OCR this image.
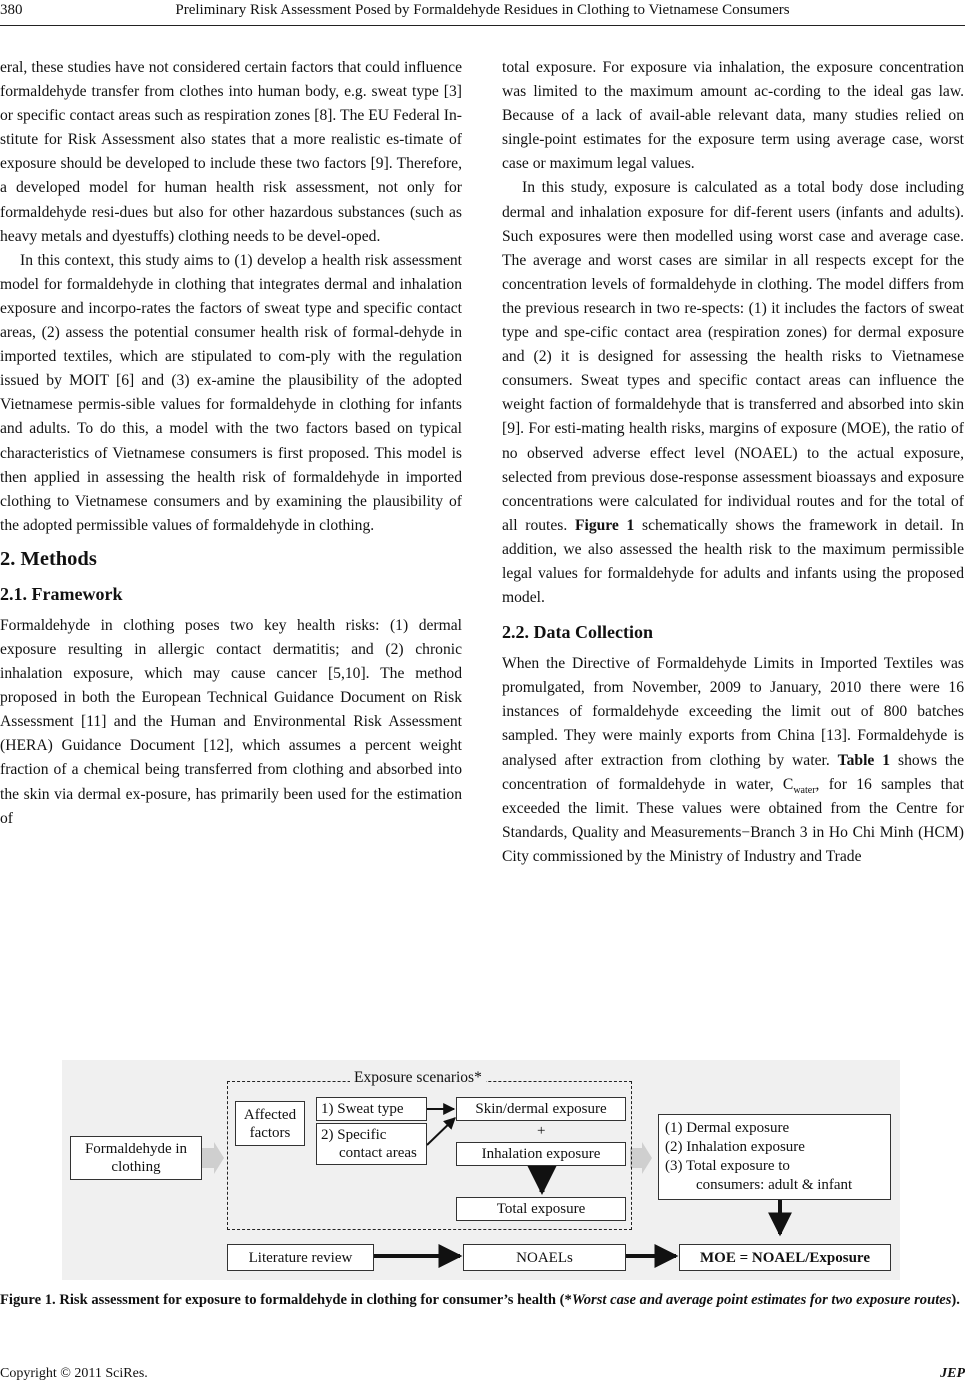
380	Preliminary Risk Assessment Posed by Formaldehyde Residues in Clothing to Vietnamese Consumers

eral, these studies have not considered certain factors that could influence formaldehyde transfer from clothes into human body, e.g. sweat type [3] or specific contact areas such as respiration zones [8]. The EU Federal In-stitute for Risk Assessment also states that a more realistic es-timate of exposure should be developed to include these two factors [9]. Therefore, a developed model for human health risk assessment, not only for formaldehyde resi-dues but also for other hazardous substances (such as heavy metals and dyestuffs) clothing needs to be devel-oped.

In this context, this study aims to (1) develop a health risk assessment model for formaldehyde in clothing that integrates dermal and inhalation exposure and incorpo-rates the factors of sweat type and specific contact areas, (2) assess the potential consumer health risk of formal-dehyde in imported textiles, which are stipulated to com-ply with the regulation issued by MOIT [6] and (3) ex-amine the plausibility of the adopted Vietnamese permis-sible values for formaldehyde in clothing for infants and adults. To do this, a model with the two factors based on typical characteristics of Vietnamese consumers is first proposed. This model is then applied in assessing the health risk of formaldehyde in imported clothing to Vietnamese consumers and by examining the plausibility of the adopted permissible values of formaldehyde in clothing.

2. Methods
2.1. Framework

Formaldehyde in clothing poses two key health risks: (1) dermal exposure resulting in allergic contact dermatitis; and (2) chronic inhalation exposure, which may cause cancer [5,10]. The method proposed in both the European Technical Guidance Document on Risk Assessment [11] and the Human and Environmental Risk Assessment (HERA) Guidance Document [12], which assumes a percent weight fraction of a chemical being transferred from clothing and absorbed into the skin via dermal ex-posure, has primarily been used for the estimation of

total exposure. For exposure via inhalation, the exposure concentration was limited to the maximum amount ac-cording to the ideal gas law. Because of a lack of avail-able relevant data, many studies relied on single-point estimates for the exposure term using average case, worst case or maximum legal values.

In this study, exposure is calculated as a total body dose including dermal and inhalation exposure for dif-ferent users (infants and adults). Such exposures were then modelled using worst case and average case. The average and worst cases are similar in all respects except for the concentration levels of formaldehyde in clothing. The model differs from the previous research in two re-spects: (1) it includes the factors of sweat type and spe-cific contact area (respiration zones) for dermal exposure and (2) it is designed for assessing the health risks to Vietnamese consumers. Sweat types and specific contact areas can influence the weight faction of formaldehyde that is transferred and absorbed into skin [9]. For esti-mating health risks, margins of exposure (MOE), the ratio of no observed adverse effect level (NOAEL) to the actual exposure, selected from previous dose-response assessment bioassays and exposure concentrations were calculated for individual routes and for the total of all routes. Figure 1 schematically shows the framework in detail. In addition, we also assessed the health risk to the maximum permissible legal values for formaldehyde for adults and infants using the proposed model.

2.2. Data Collection

When the Directive of Formaldehyde Limits in Imported Textiles was promulgated, from November, 2009 to January, 2010 there were 16 instances of formaldehyde exceeding the limit out of 800 batches sampled. They were mainly exports from China [13]. Formaldehyde is analysed after extraction from clothing by water. Table 1 shows the concentration of formaldehyde in water, $C_{water}$, for 16 samples that exceeded the limit. These values were obtained from the Centre for Standards, Quality and Measurements−Branch 3 in Ho Chi Minh (HCM) City commissioned by the Ministry of Industry and Trade

Exposure scenarios*
Formaldehyde in
clothing
Affected
factors
1) Sweat type
2) Specific
contact areas
Skin/dermal exposure
+
Inhalation exposure
Total exposure
(1) Dermal exposure
(2) Inhalation exposure
(3) Total exposure to
consumers: adult & infant
Literature review	NOAELs	MOE = NOAEL/Exposure
Figure 1. Risk assessment for exposure to formaldehyde in clothing for consumer’s health (*Worst case and average point estimates for two exposure routes).
Copyright © 2011 SciRes.	JEP
